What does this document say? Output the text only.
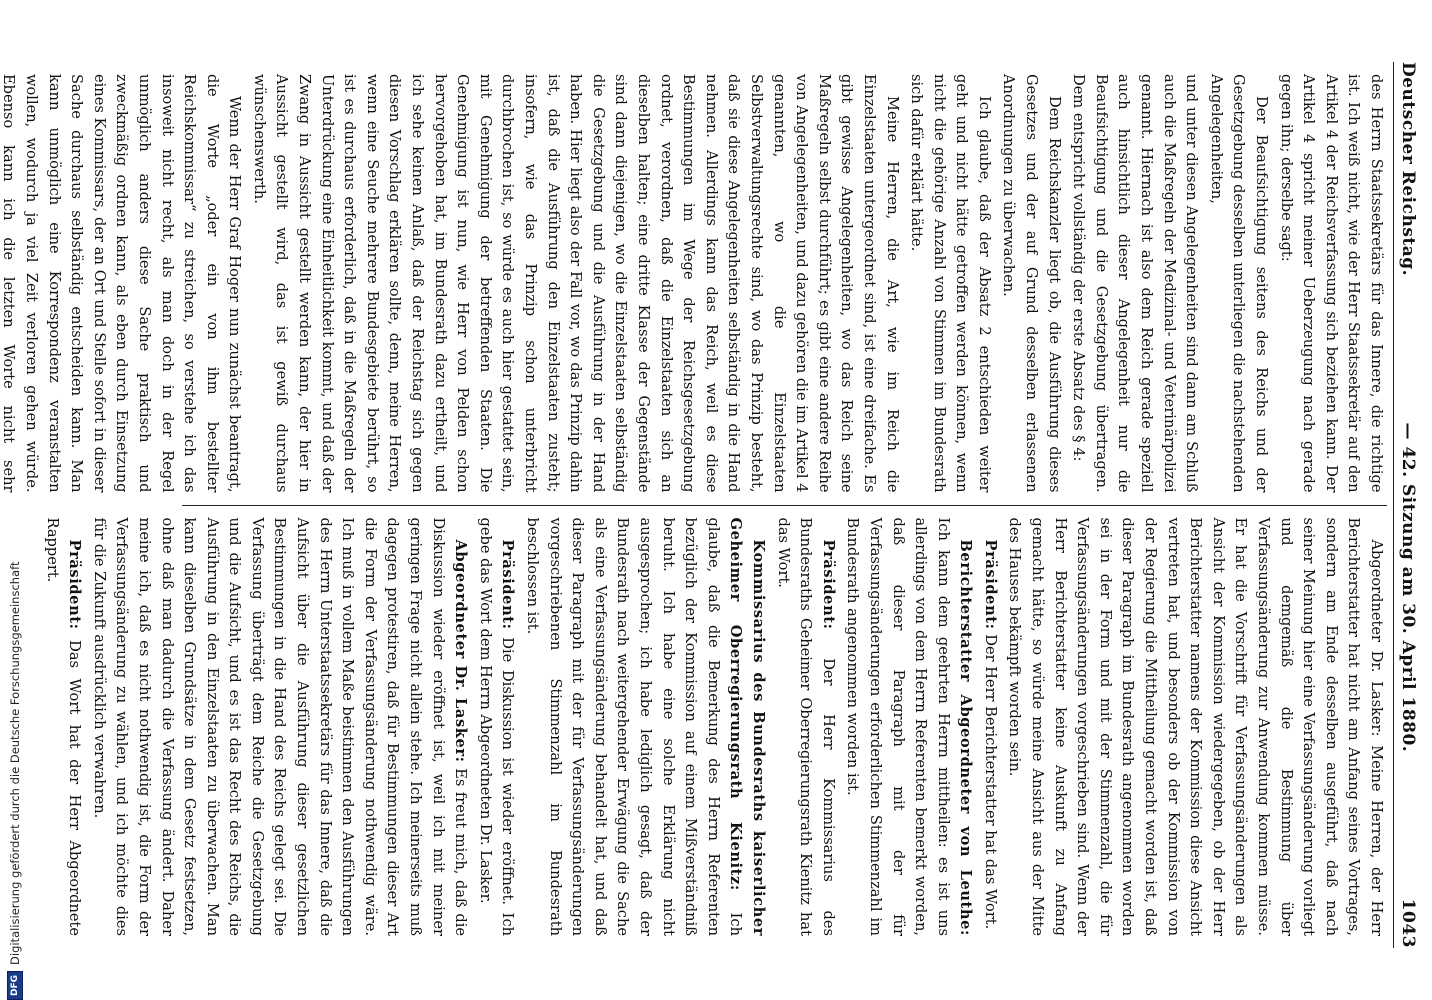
Deutscher Reichstag.
— 42. Sitzung am 30. April 1880.
1043

des Herrn Staatssekretärs für das Innere, die richtige ist. Ich weiß nicht, wie der Herr Staatssekretär auf den Artikel 4 der Reichsverfassung sich beziehen kann. Der Artikel 4 spricht meiner Ueberzeugung nach gerade gegen ihn; derselbe sagt:

Der Beaufsichtigung seitens des Reichs und der Gesetzgebung desselben unterliegen die nachstehenden Angelegenheiten,

und unter diesen Angelegenheiten sind dann am Schluß auch die Maßregeln der Medizinal- und Veterinärpolizei genannt. Hiernach ist also dem Reich gerade speziell auch hinsichtlich dieser Angelegenheit nur die Beaufsichtigung und die Gesetzgebung übertragen. Dem entspricht vollständig der erste Absatz des § 4:

Dem Reichskanzler liegt ob, die Ausführung dieses Gesetzes und der auf Grund desselben erlassenen Anordnungen zu überwachen.

Ich glaube, daß der Absatz 2 entschieden weiter geht und nicht hätte getroffen werden können, wenn nicht die gehörige Anzahl von Stimmen im Bundesrath sich dafür erklärt hätte.

Meine Herren, die Art, wie im Reich die Einzelstaaten untergeordnet sind, ist eine dreifache. Es gibt gewisse Angelegenheiten, wo das Reich seine Maßregeln selbst durchführt; es gibt eine andere Reihe von Angelegenheiten, und dazu gehören die im Artikel 4 genannten, wo die Einzelstaaten Selbstverwaltungsrechte sind, wo das Prinzip besteht, daß sie diese Angelegenheiten selbständig in die Hand nehmen. Allerdings kann das Reich, weil es diese Bestimmungen im Wege der Reichsgesetzgebung ordnet, verordnen, daß die Einzelstaaten sich an dieselben halten; eine dritte Klasse der Gegenstände sind dann diejenigen, wo die Einzelstaaten selbständig die Gesetzgebung und die Ausführung in der Hand haben. Hier liegt also der Fall vor, wo das Prinzip dahin ist, daß die Ausführung den Einzelstaaten zusteht; insofern, wie das Prinzip schon unterbricht durchbrochen ist, so würde es auch hier gestattet sein, mit Genehmigung der betreffenden Staaten. Die Genehmigung ist nun, wie Herr von Pelden schon hervorgehoben hat, im Bundesrath dazu ertheilt, und ich sehe keinen Anlaß, daß der Reichstag sich gegen diesen Vorschlag erklären sollte, denn, meine Herren, wenn eine Seuche mehrere Bundesgebiete berührt, so ist es durchaus erforderlich, daß in die Maßregeln der Unterdrückung eine Einheitlichkeit kommt, und daß der Zwang in Aussicht gestellt werden kann, der hier in Aussicht gestellt wird, das ist gewiß durchaus wünschenswerth.

Wenn der Herr Graf Hoger nun zunächst beantragt, die Worte „oder ein von ihm bestellter Reichskommissar“ zu streichen, so verstehe ich das insoweit nicht recht, als man doch in der Regel unmöglich anders diese Sache praktisch und zweckmäßig ordnen kann, als eben durch Einsetzung eines Kommissars, der an Ort und Stelle sofort in dieser Sache durchaus selbständig entscheiden kann. Man kann unmöglich eine Korrespondenz veranstalten wollen, wodurch ja viel Zeit verloren gehen würde. Ebenso kann ich die letzten Worte nicht sehr

Abgeordneter Dr. Lasker: Meine Herren, der Herr Berichterstatter hat nicht am Anfang seines Vortrages, sondern am Ende desselben ausgeführt, daß nach seiner Meinung hier eine Verfassungsänderung vorliegt und demgemäß die Bestimmung über Verfassungsänderung zur Anwendung kommen müsse. Er hat die Vorschrift für Verfassungsänderungen als Ansicht der Kommission wiedergegeben, ob der Herr Berichterstatter namens der Kommission diese Ansicht vertreten hat, und besonders ob der Kommission von der Regierung die Mittheilung gemacht worden ist, daß dieser Paragraph im Bundesrath angenommen worden sei in der Form und mit der Stimmenzahl, die für Verfassungsänderungen vorgeschrieben sind. Wenn der Herr Berichterstatter keine Auskunft zu Anfang gemacht hätte, so würde meine Ansicht aus der Mitte des Hauses bekämpft worden sein.

Präsident: Der Herr Berichterstatter hat das Wort.

Berichterstatter Abgeordneter von Leuthe: Ich kann dem geehrten Herrn mittheilen: es ist uns allerdings von dem Herrn Referenten bemerkt worden, daß dieser Paragraph mit der für Verfassungsänderungen erforderlichen Stimmenzahl im Bundesrath angenommen worden ist.

Präsident: Der Herr Kommissarius des Bundesraths Geheimer Oberregierungsrath Kienitz hat das Wort.

Kommissarius des Bundesraths kaiserlicher Geheimer Oberregierungsrath Kienitz: Ich glaube, daß die Bemerkung des Herrn Referenten bezüglich der Kommission auf einem Mißverständniß beruht. Ich habe eine solche Erklärung nicht ausgesprochen; ich habe lediglich gesagt, daß der Bundesrath nach weitergehender Erwägung die Sache als eine Verfassungsänderung behandelt hat, und daß dieser Paragraph mit der für Verfassungsänderungen vorgeschriebenen Stimmenzahl im Bundesrath beschlossen ist.

Präsident: Die Diskussion ist wieder eröffnet. Ich gebe das Wort dem Herrn Abgeordneten Dr. Lasker.

Abgeordneter Dr. Lasker: Es freut mich, daß die Diskussion wieder eröffnet ist, weil ich mit meiner geringen Frage nicht allein stehe. Ich meinerseits muß dagegen protestiren, daß für Bestimmungen dieser Art die Form der Verfassungsänderung nothwendig wäre. Ich muß in vollem Maße beistimmen den Ausführungen des Herrn Unterstaatssekretärs für das Innere, daß die Aufsicht über die Ausführung dieser gesetzlichen Bestimmungen in die Hand des Reichs gelegt sei. Die Verfassung überträgt dem Reiche die Gesetzgebung und die Aufsicht, und es ist das Recht des Reichs, die Ausführung in den Einzelstaaten zu überwachen. Man kann dieselben Grundsätze in dem Gesetz festsetzen, ohne daß man dadurch die Verfassung ändert. Daher meine ich, daß es nicht nothwendig ist, die Form der Verfassungsänderung zu wählen, und ich möchte dies für die Zukunft ausdrücklich verwahren.

Präsident: Das Wort hat der Herr Abgeordnete Rappert.

DFG
Digitalisierung gefördert durch die Deutsche Forschungsgemeinschaft
